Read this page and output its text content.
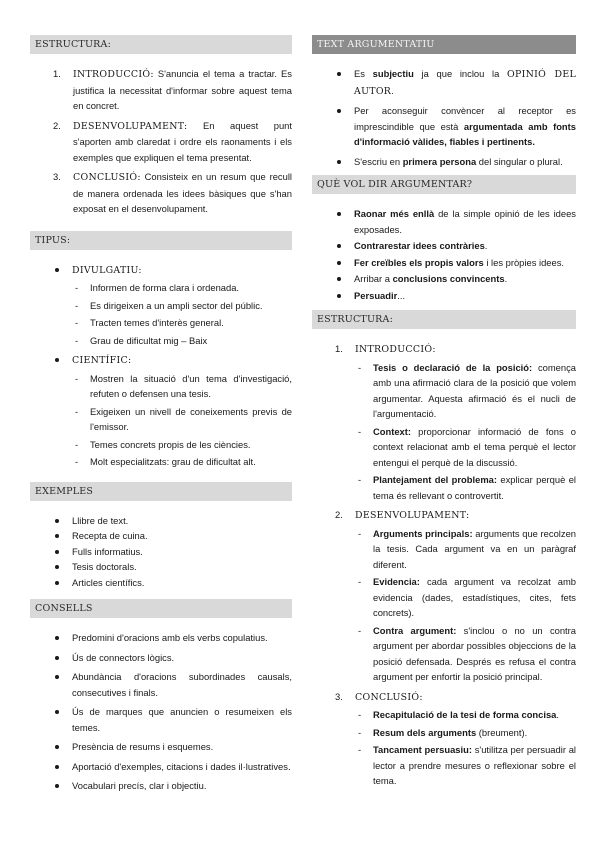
ESTRUCTURA:
1. INTRODUCCIÓ: S'anuncia el tema a tractar. Es justifica la necessitat d'informar sobre aquest tema en concret.

2. DESENVOLUPAMENT: En aquest punt s'aporten amb claredat i ordre els raonaments i els exemples que expliquen el tema presentat.

3. CONCLUSIÓ: Consisteix en un resum que recull de manera ordenada les idees bàsiques que s'han exposat en el desenvolupament.

TIPUS:

DIVULGATIU:

- Informen de forma clara i ordenada.

- Es dirigeixen a un ampli sector del públic.

- Tracten temes d'interès general.

- Grau de dificultat mig – Baix

CIENTÍFIC:

- Mostren la situació d'un tema d'investigació, refuten o defensen una tesis.

- Exigeixen un nivell de coneixements previs de l'emissor.

- Temes concrets propis de les ciències.

- Molt especialitzats: grau de dificultat alt.

EXEMPLES

Llibre de text.

Recepta de cuina.

Fulls informatius.

Tesis doctorals.

Articles científics.

CONSELLS

Predomini d'oracions amb els verbs copulatius.

Ús de connectors lògics.

Abundància d'oracions subordinades causals, consecutives i finals.

Ús de marques que anuncien o resumeixen els temes.

Presència de resums i esquemes.

Aportació d'exemples, citacions i dades il·lustratives.

Vocabulari precís, clar i objectiu.

TEXT ARGUMENTATIU

Es subjectiu ja que inclou la OPINIÓ DEL AUTOR.

Per aconseguir convèncer al receptor es imprescindible que està argumentada amb fonts d'informació vàlides, fiables i pertinents.

S'escriu en primera persona del singular o plural.

QUÈ VOL DIR ARGUMENTAR?

Raonar més enllà de la simple opinió de les idees exposades.

Contrarestar idees contràries.

Fer creïbles els propis valors i les pròpies idees.

Arribar a conclusions convincents.

Persuadir...

ESTRUCTURA:
1. INTRODUCCIÓ:

- Tesis o declaració de la posició: comença amb una afirmació clara de la posició que volem argumentar. Aquesta afirmació és el nucli de l'argumentació.

- Context: proporcionar informació de fons o context relacionat amb el tema perquè el lector entengui el perquè de la discussió.

- Plantejament del problema: explicar perquè el tema és rellevant o controvertit.

2. DESENVOLUPAMENT:

- Arguments principals: arguments que recolzen la tesis. Cada argument va en un paràgraf diferent.

- Evidencia: cada argument va recolzat amb evidencia (dades, estadístiques, cites, fets concrets).

- Contra argument: s'inclou o no un contra argument per abordar possibles objeccions de la posició defensada. Després es refusa el contra argument per enfortir la posició principal.

3. CONCLUSIÓ:

- Recapitulació de la tesi de forma concisa.

- Resum dels arguments (breument).

- Tancament persuasiu: s'utilitza per persuadir al lector a prendre mesures o reflexionar sobre el tema.
